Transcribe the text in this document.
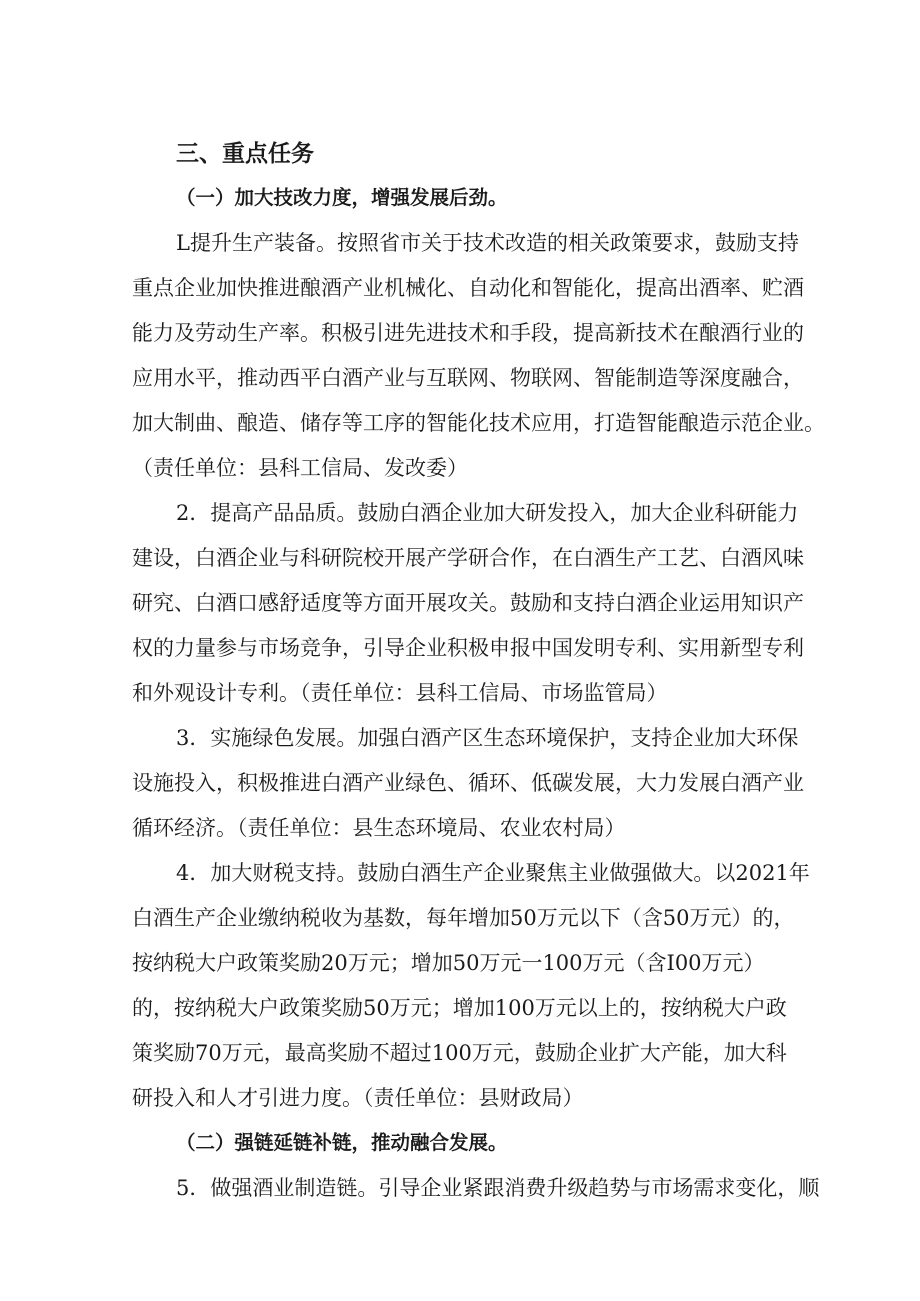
三、重点任务
（一）加大技改力度，增强发展后劲。
L提升生产装备。按照省市关于技术改造的相关政策要求，鼓励支持
重点企业加快推进酿酒产业机械化、自动化和智能化，提高出酒率、贮酒
能力及劳动生产率。积极引进先进技术和手段，提高新技术在酿酒行业的
应用水平，推动西平白酒产业与互联网、物联网、智能制造等深度融合，
加大制曲、酿造、储存等工序的智能化技术应用，打造智能酿造示范企业。
（责任单位：县科工信局、发改委）
2．提高产品品质。鼓励白酒企业加大研发投入，加大企业科研能力
建设，白酒企业与科研院校开展产学研合作，在白酒生产工艺、白酒风味
研究、白酒口感舒适度等方面开展攻关。鼓励和支持白酒企业运用知识产
权的力量参与市场竞争，引导企业积极申报中国发明专利、实用新型专利
和外观设计专利。（责任单位：县科工信局、市场监管局）
3．实施绿色发展。加强白酒产区生态环境保护，支持企业加大环保
设施投入，积极推进白酒产业绿色、循环、低碳发展，大力发展白酒产业
循环经济。（责任单位：县生态环境局、农业农村局）
4．加大财税支持。鼓励白酒生产企业聚焦主业做强做大。以2021年
白酒生产企业缴纳税收为基数，每年增加50万元以下（含50万元）的，
按纳税大户政策奖励20万元；增加50万元一100万元（含I00万元）
的，按纳税大户政策奖励50万元；增加100万元以上的，按纳税大户政
策奖励70万元，最高奖励不超过100万元，鼓励企业扩大产能，加大科
研投入和人才引进力度。（责任单位：县财政局）
（二）强链延链补链，推动融合发展。
5．做强酒业制造链。引导企业紧跟消费升级趋势与市场需求变化，顺
